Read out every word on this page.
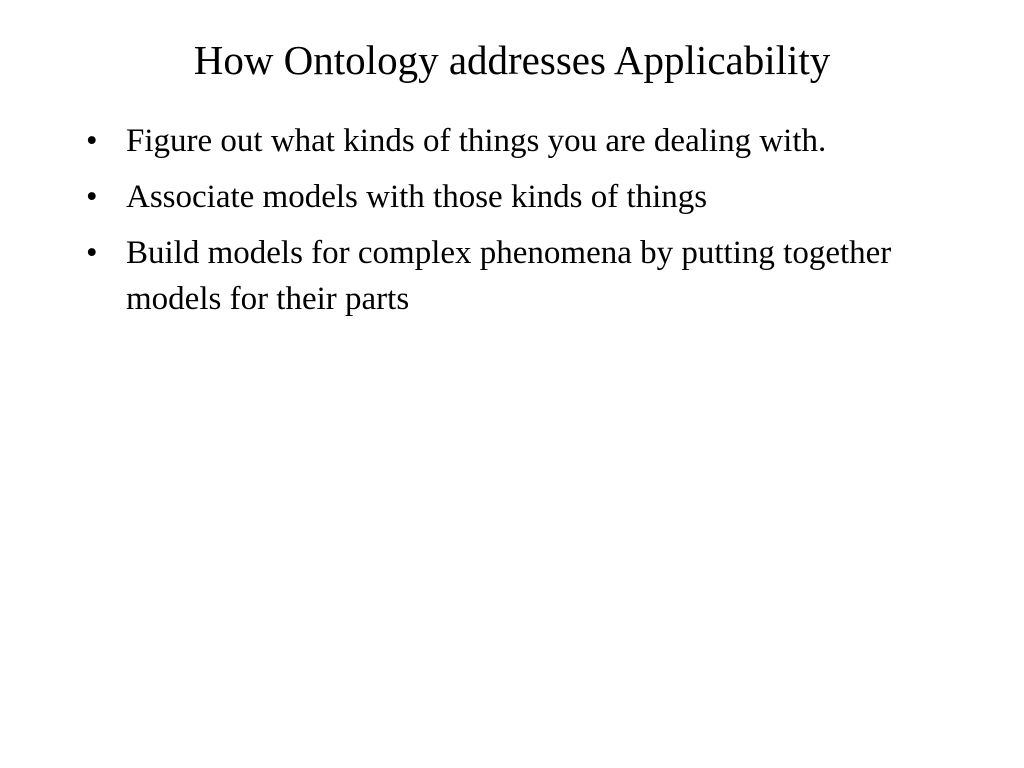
How Ontology addresses Applicability
• Figure out what kinds of things you are dealing with.
• Associate models with those kinds of things
• Build models for complex phenomena by putting together models for their parts
